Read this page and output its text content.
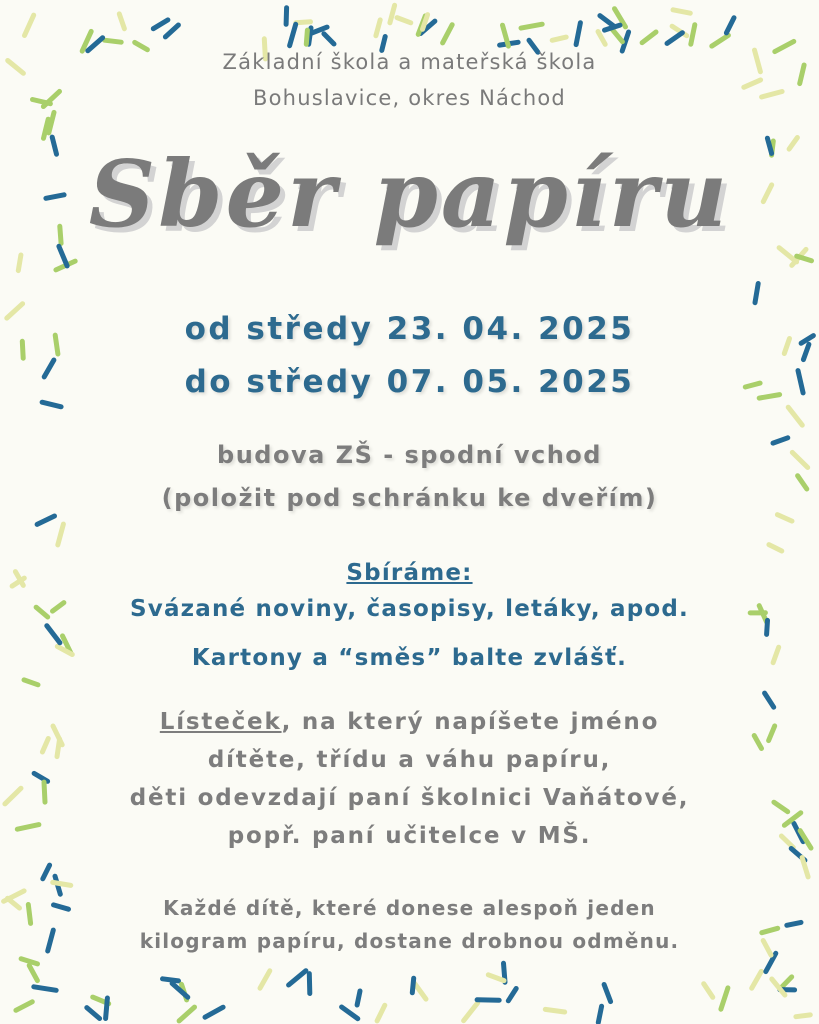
Základní škola a mateřská škola
Bohuslavice, okres Náchod
Sběr papíru
od středy 23. 04. 2025
do středy 07. 05. 2025
budova ZŠ - spodní vchod
(položit pod schránku ke dveřím)
Sbíráme:
Svázané noviny, časopisy, letáky, apod.
Kartony a “směs” balte zvlášť.
Lísteček, na který napíšete jméno
dítěte, třídu a váhu papíru,
děti odevzdají paní školnici Vaňátové,
popř. paní učitelce v MŠ.
Každé dítě, které donese alespoň jeden
kilogram papíru, dostane drobnou odměnu.
